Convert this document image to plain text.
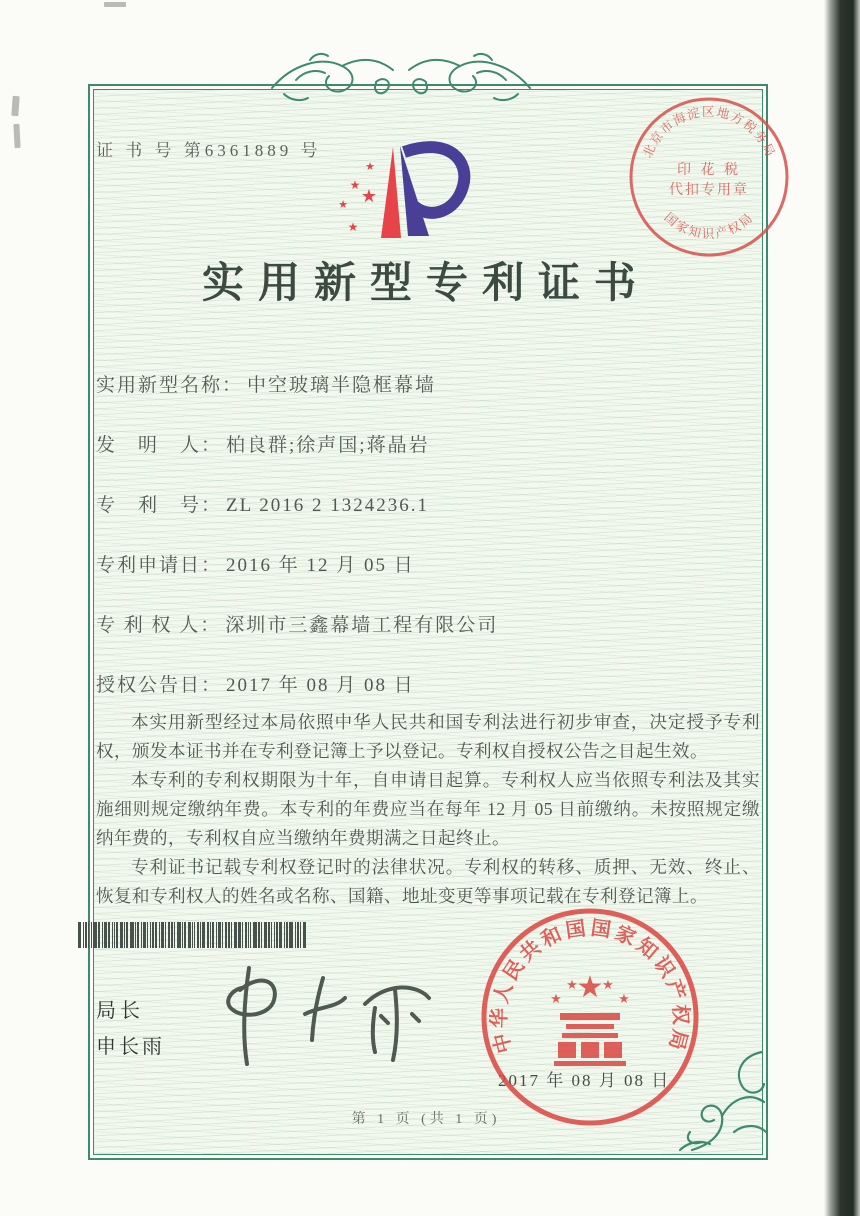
证 书 号 第6361889 号
★
★
★ ★
★
北京市海淀区地方税务局
国家知识产权局
印 花 税
代扣专用章
实用新型专利证书
实用新型名称： 中空玻璃半隐框幕墙
发　明　人： 柏良群;徐声国;蒋晶岩
专　利　号： ZL 2016 2 1324236.1
专利申请日： 2016 年 12 月 05 日
专 利 权 人： 深圳市三鑫幕墙工程有限公司
授权公告日： 2017 年 08 月 08 日

本实用新型经过本局依照中华人民共和国专利法进行初步审查，决定授予专利权，颁发本证书并在专利登记簿上予以登记。专利权自授权公告之日起生效。

本专利的专利权期限为十年，自申请日起算。专利权人应当依照专利法及其实施细则规定缴纳年费。本专利的年费应当在每年 12 月 05 日前缴纳。未按照规定缴纳年费的，专利权自应当缴纳年费期满之日起终止。

专利证书记载专利权登记时的法律状况。专利权的转移、质押、无效、终止、恢复和专利权人的姓名或名称、国籍、地址变更等事项记载在专利登记簿上。

局长
申长雨	中华人民共和国国家知识产权局
★
★
★ ★
★
2017 年 08 月 08 日
第 1 页 (共 1 页)
